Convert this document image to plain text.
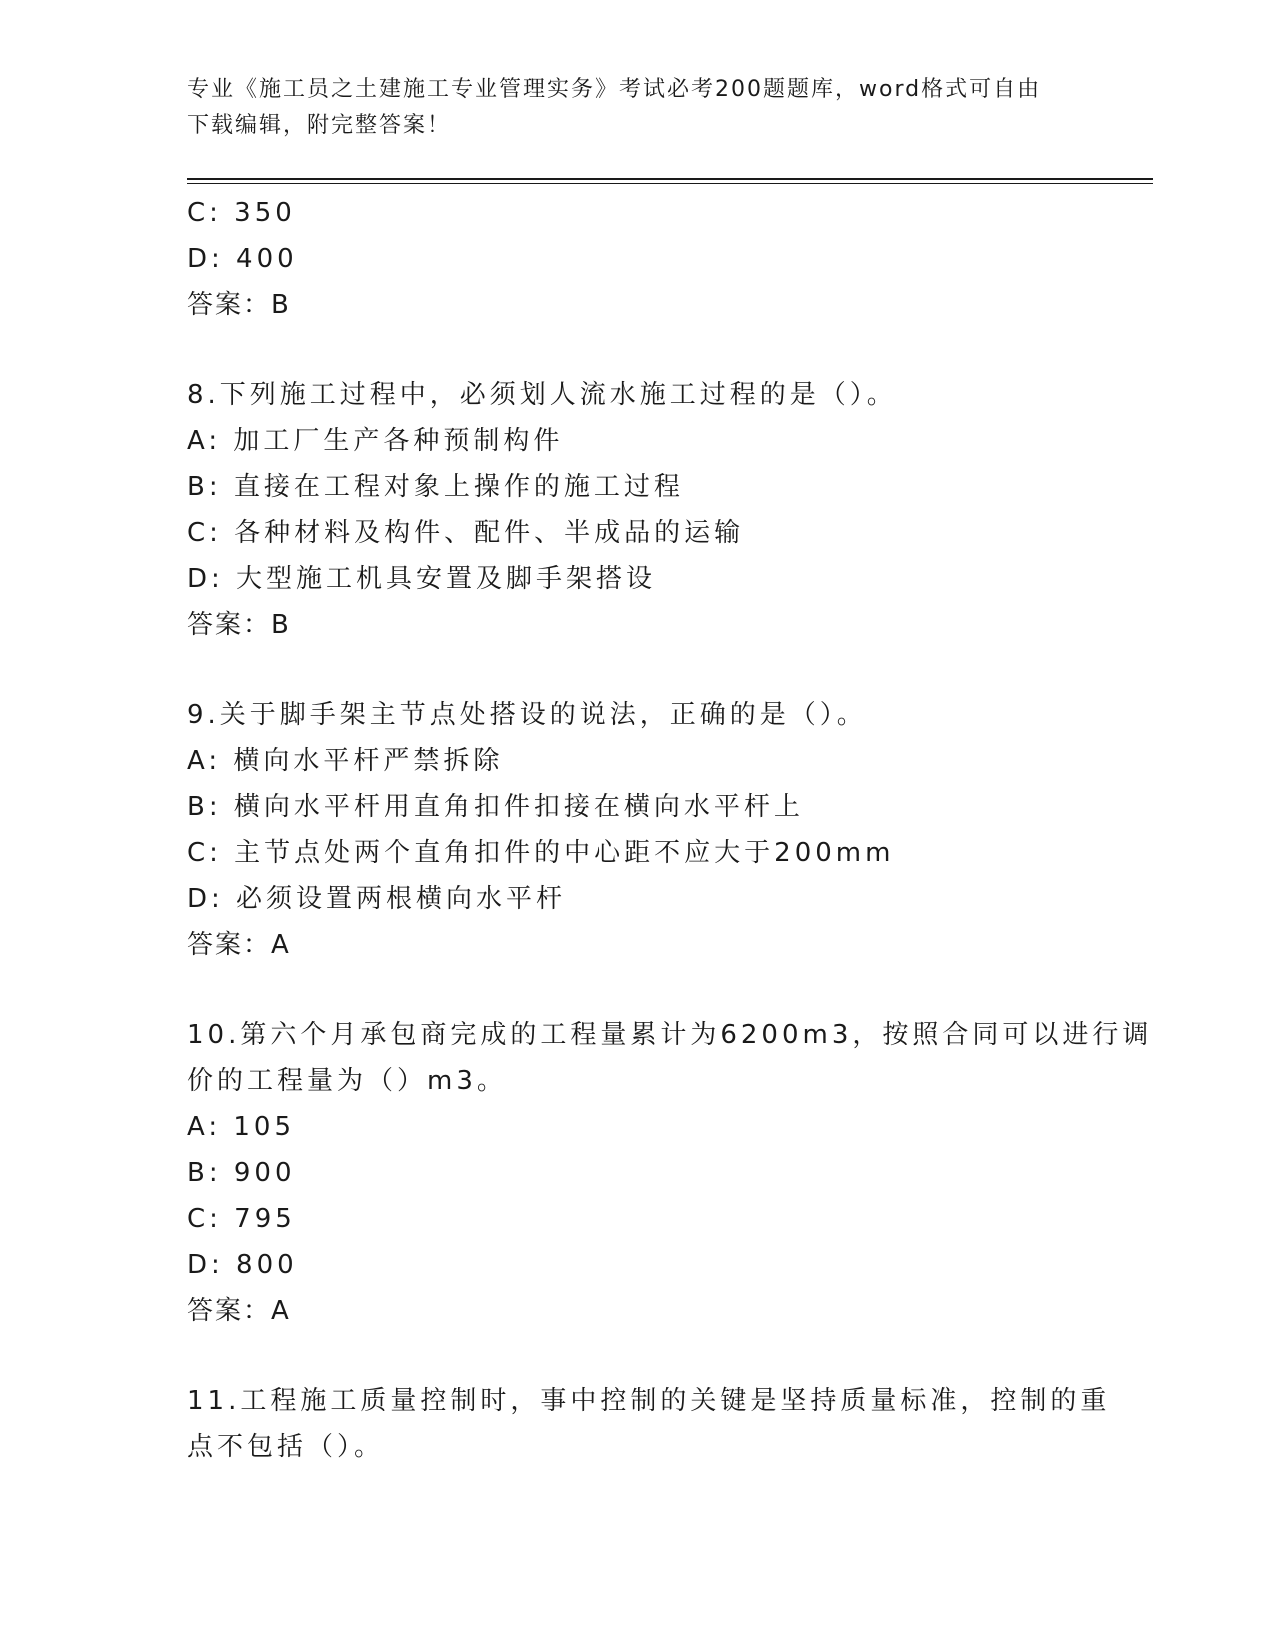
专业《施工员之土建施工专业管理实务》考试必考200题题库，word格式可自由
下载编辑，附完整答案！
C: 350
D: 400
答案：B
8.下列施工过程中，必须划人流水施工过程的是（）。
A: 加工厂生产各种预制构件
B: 直接在工程对象上操作的施工过程
C: 各种材料及构件、配件、半成品的运输
D: 大型施工机具安置及脚手架搭设
答案：B
9.关于脚手架主节点处搭设的说法，正确的是（）。
A: 横向水平杆严禁拆除
B: 横向水平杆用直角扣件扣接在横向水平杆上
C: 主节点处两个直角扣件的中心距不应大于200mm
D: 必须设置两根横向水平杆
答案：A
10.第六个月承包商完成的工程量累计为6200m3，按照合同可以进行调
价的工程量为（）m3。
A: 105
B: 900
C: 795
D: 800
答案：A
11.工程施工质量控制时，事中控制的关键是坚持质量标准，控制的重
点不包括（）。
